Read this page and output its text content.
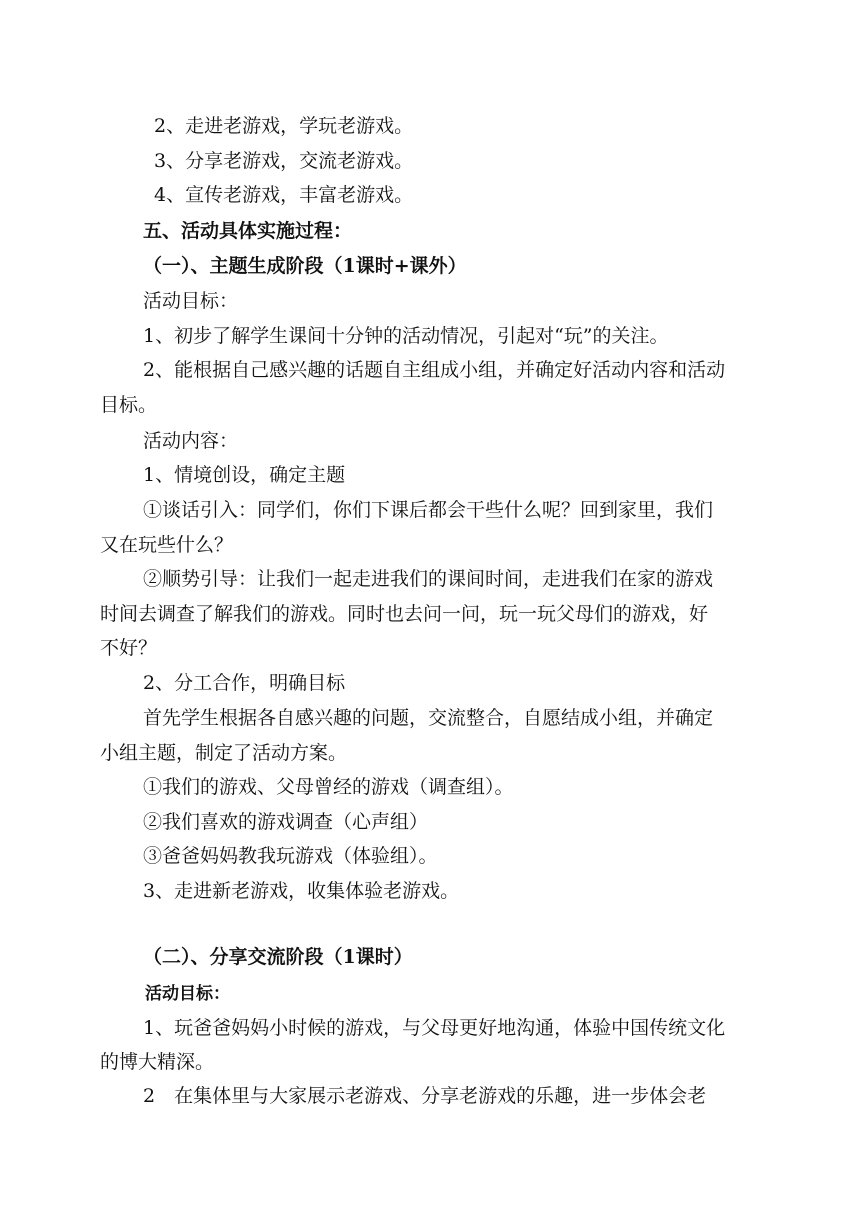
2、走进老游戏，学玩老游戏。
3、分享老游戏，交流老游戏。
4、宣传老游戏，丰富老游戏。
五、活动具体实施过程：
（一）、主题生成阶段（1课时+课外）
活动目标：
1、初步了解学生课间十分钟的活动情况，引起对“玩”的关注。
2、能根据自己感兴趣的话题自主组成小组，并确定好活动内容和活动
目标。
活动内容：
1、情境创设，确定主题
①谈话引入：同学们，你们下课后都会干些什么呢？回到家里，我们
又在玩些什么？
②顺势引导：让我们一起走进我们的课间时间，走进我们在家的游戏
时间去调查了解我们的游戏。同时也去问一问，玩一玩父母们的游戏，好
不好？
2、分工合作，明确目标
首先学生根据各自感兴趣的问题，交流整合，自愿结成小组，并确定
小组主题，制定了活动方案。
①我们的游戏、父母曾经的游戏（调查组）。
②我们喜欢的游戏调查（心声组）
③爸爸妈妈教我玩游戏（体验组）。
3、走进新老游戏，收集体验老游戏。
（二）、分享交流阶段（1课时）
活动目标：
1、玩爸爸妈妈小时候的游戏，与父母更好地沟通，体验中国传统文化
的博大精深。
2　在集体里与大家展示老游戏、分享老游戏的乐趣，进一步体会老
